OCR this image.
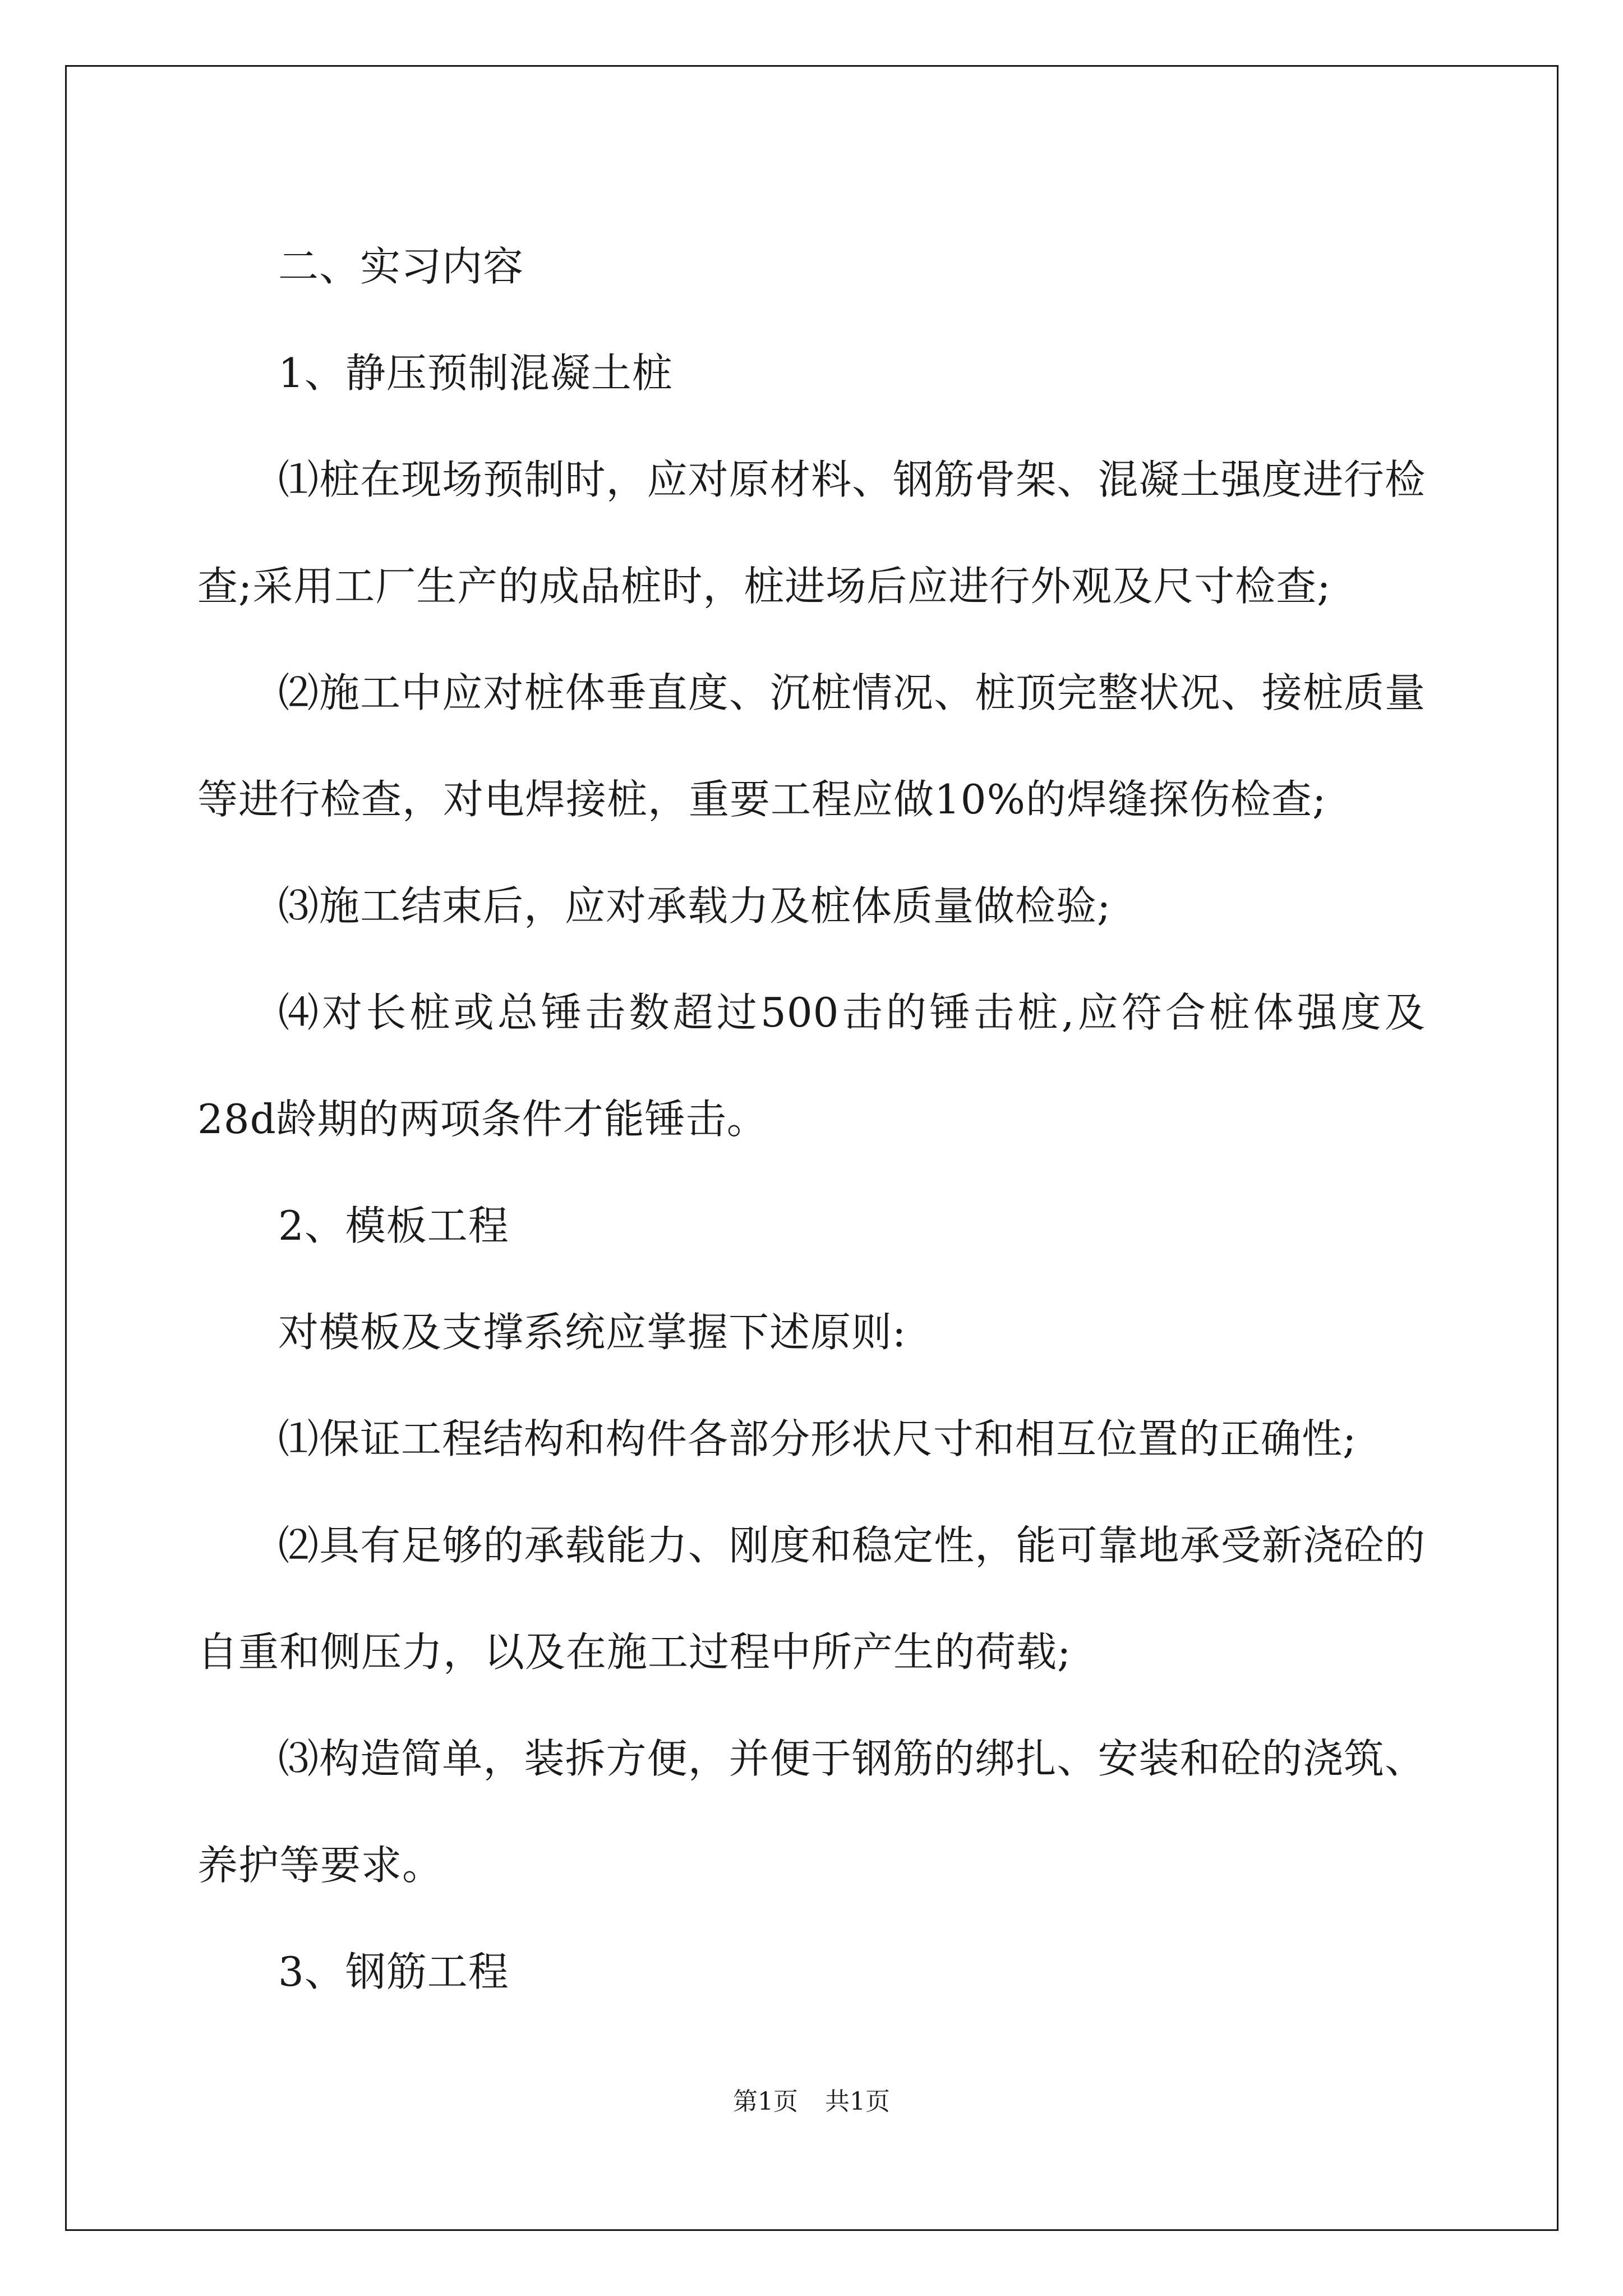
二、实习内容

1、静压预制混凝土桩

⑴桩在现场预制时，应对原材料、钢筋骨架、混凝土强度进行检查;采用工厂生产的成品桩时，桩进场后应进行外观及尺寸检查;

⑵施工中应对桩体垂直度、沉桩情况、桩顶完整状况、接桩质量等进行检查，对电焊接桩，重要工程应做10%的焊缝探伤检查;

⑶施工结束后，应对承载力及桩体质量做检验;

⑷对长桩或总锤击数超过500击的锤击桩,应符合桩体强度及28d龄期的两项条件才能锤击。

2、模板工程

对模板及支撑系统应掌握下述原则:

⑴保证工程结构和构件各部分形状尺寸和相互位置的正确性;

⑵具有足够的承载能力、刚度和稳定性，能可靠地承受新浇砼的自重和侧压力，以及在施工过程中所产生的荷载;

⑶构造简单，装拆方便，并便于钢筋的绑扎、安装和砼的浇筑、养护等要求。

3、钢筋工程

第1页 共1页
